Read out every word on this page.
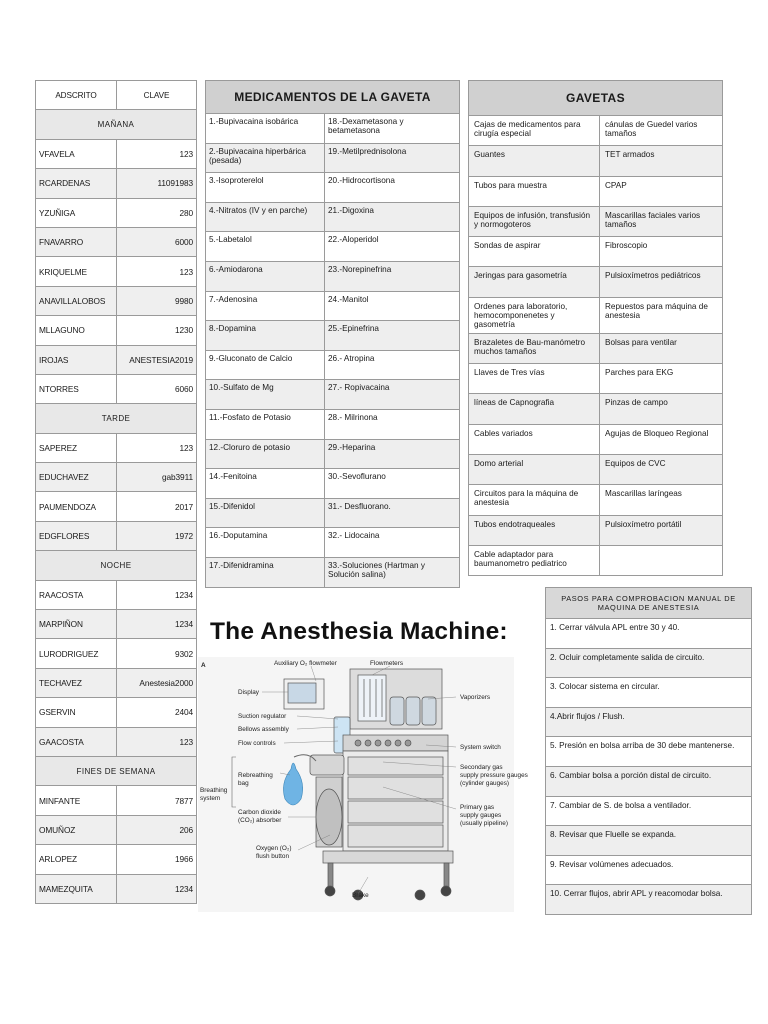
ADSCRITO	CLAVE
MAÑANA	
VFAVELA	123
RCARDENAS	11091983
YZUÑIGA	280
FNAVARRO	6000
KRIQUELME	123
ANAVILLALOBOS	9980
MLLAGUNO	1230
IROJAS	ANESTESIA2019
NTORRES	6060
TARDE	
SAPEREZ	123
EDUCHAVEZ	gab3911
PAUMENDOZA	2017
EDGFLORES	1972
NOCHE	
RAACOSTA	1234
MARPIÑON	1234
LURODRIGUEZ	9302
TECHAVEZ	Anestesia2000
GSERVIN	2404
GAACOSTA	123
FINES DE SEMANA	
MINFANTE	7877
OMUÑOZ	206
ARLOPEZ	1966
MAMEZQUITA	1234
MEDICAMENTOS DE LA GAVETA	
1.-Bupivacaina isobárica	18.-Dexametasona y betametasona
2.-Bupivacaina hiperbárica (pesada)	19.-Metilprednisolona
3.-Isoproterelol	20.-Hidrocortisona
4.-Nitratos (IV y en parche)	21.-Digoxina
5.-Labetalol	22.-Aloperidol
6.-Amiodarona	23.-Norepinefrina
7.-Adenosina	24.-Manitol
8.-Dopamina	25.-Epinefrina
9.-Gluconato de Calcio	26.- Atropina
10.-Sulfato de Mg	27.- Ropivacaina
11.-Fosfato de Potasio	28.- Milrinona
12.-Cloruro de potasio	29.-Heparina
14.-Fenitoina	30.-Sevoflurano
15.-Difenidol	31.- Desfluorano.
16.-Doputamina	32.- Lidocaina
17.-Difenidramina	33.-Soluciones (Hartman y Solución salina)
GAVETAS	
Cajas de medicamentos para cirugía especial	cánulas de Guedel varios tamaños
Guantes	TET armados
Tubos para muestra	CPAP
Equipos de infusión, transfusión y normogoteros	Mascarillas faciales varios tamaños
Sondas de aspirar	Fibroscopio
Jeringas para gasometría	Pulsioxímetros pediátricos
Ordenes para laboratorio, hemocomponenetes y gasometría	Repuestos para máquina de anestesia
Brazaletes de Bau-manómetro muchos tamaños	Bolsas para ventilar
Llaves de Tres vías	Parches para EKG
líneas de Capnografia	Pinzas de campo
Cables variados	Agujas de Bloqueo Regional
Domo arterial	Equipos de CVC
Circuitos para la máquina de anestesia	Mascarillas laríngeas
Tubos endotraqueales	Pulsioxímetro portátil
Cable adaptador para baumanometro pediatrico	
PASOS PARA COMPROBACION MANUAL DE MAQUINA DE ANESTESIA
1. Cerrar válvula APL entre 30 y 40.
2. Ocluir completamente salida de circuito.
3. Colocar sistema en circular.
4.Abrir flujos / Flush.
5. Presión en bolsa arriba de 30 debe mantenerse.
6. Cambiar bolsa a porción distal de circuito.
7. Cambiar de S. de bolsa a ventilador.
8. Revisar que Fluelle se expanda.
9. Revisar volúmenes adecuados.
10. Cerrar flujos, abrir APL y reacomodar bolsa.
The Anesthesia Machine:
A	Auxiliary O₂ flowmeter	Flowmeters
Display
Vaporizers
Suction regulator
Bellows assembly
Flow controls
System switch
Breathing
system
Rebreathing
bag
Secondary gas
supply pressure gauges
(cylinder gauges)
Carbon dioxide
(CO₂) absorber
Primary gas
supply gauges
(usually pipeline)
Oxygen (O₂)
flush button
Brake
